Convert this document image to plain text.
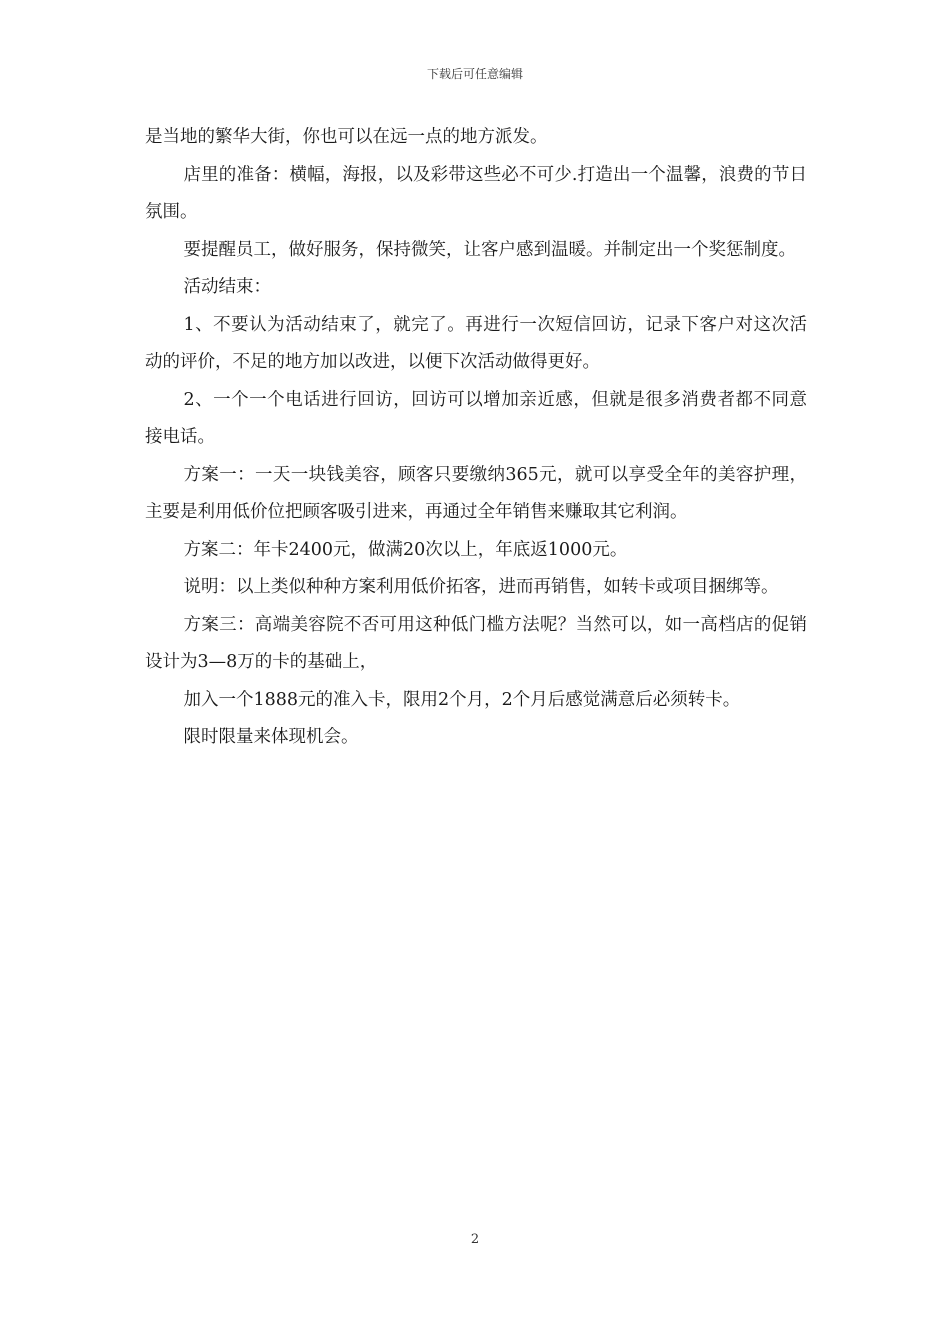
下载后可任意编辑

是当地的繁华大街，你也可以在远一点的地方派发。

店里的准备：横幅，海报，以及彩带这些必不可少.打造出一个温馨，浪费的节日氛围。

要提醒员工，做好服务，保持微笑，让客户感到温暖。并制定出一个奖惩制度。

活动结束：

1、不要认为活动结束了，就完了。再进行一次短信回访，记录下客户对这次活动的评价，不足的地方加以改进，以便下次活动做得更好。

2、一个一个电话进行回访，回访可以增加亲近感，但就是很多消费者都不同意接电话。

方案一：一天一块钱美容，顾客只要缴纳365元，就可以享受全年的美容护理，主要是利用低价位把顾客吸引进来，再通过全年销售来赚取其它利润。

方案二：年卡2400元，做满20次以上，年底返1000元。

说明：以上类似种种方案利用低价拓客，进而再销售，如转卡或项目捆绑等。

方案三：高端美容院不否可用这种低门槛方法呢？当然可以，如一高档店的促销设计为3—8万的卡的基础上，

加入一个1888元的准入卡，限用2个月，2个月后感觉满意后必须转卡。

限时限量来体现机会。

2
